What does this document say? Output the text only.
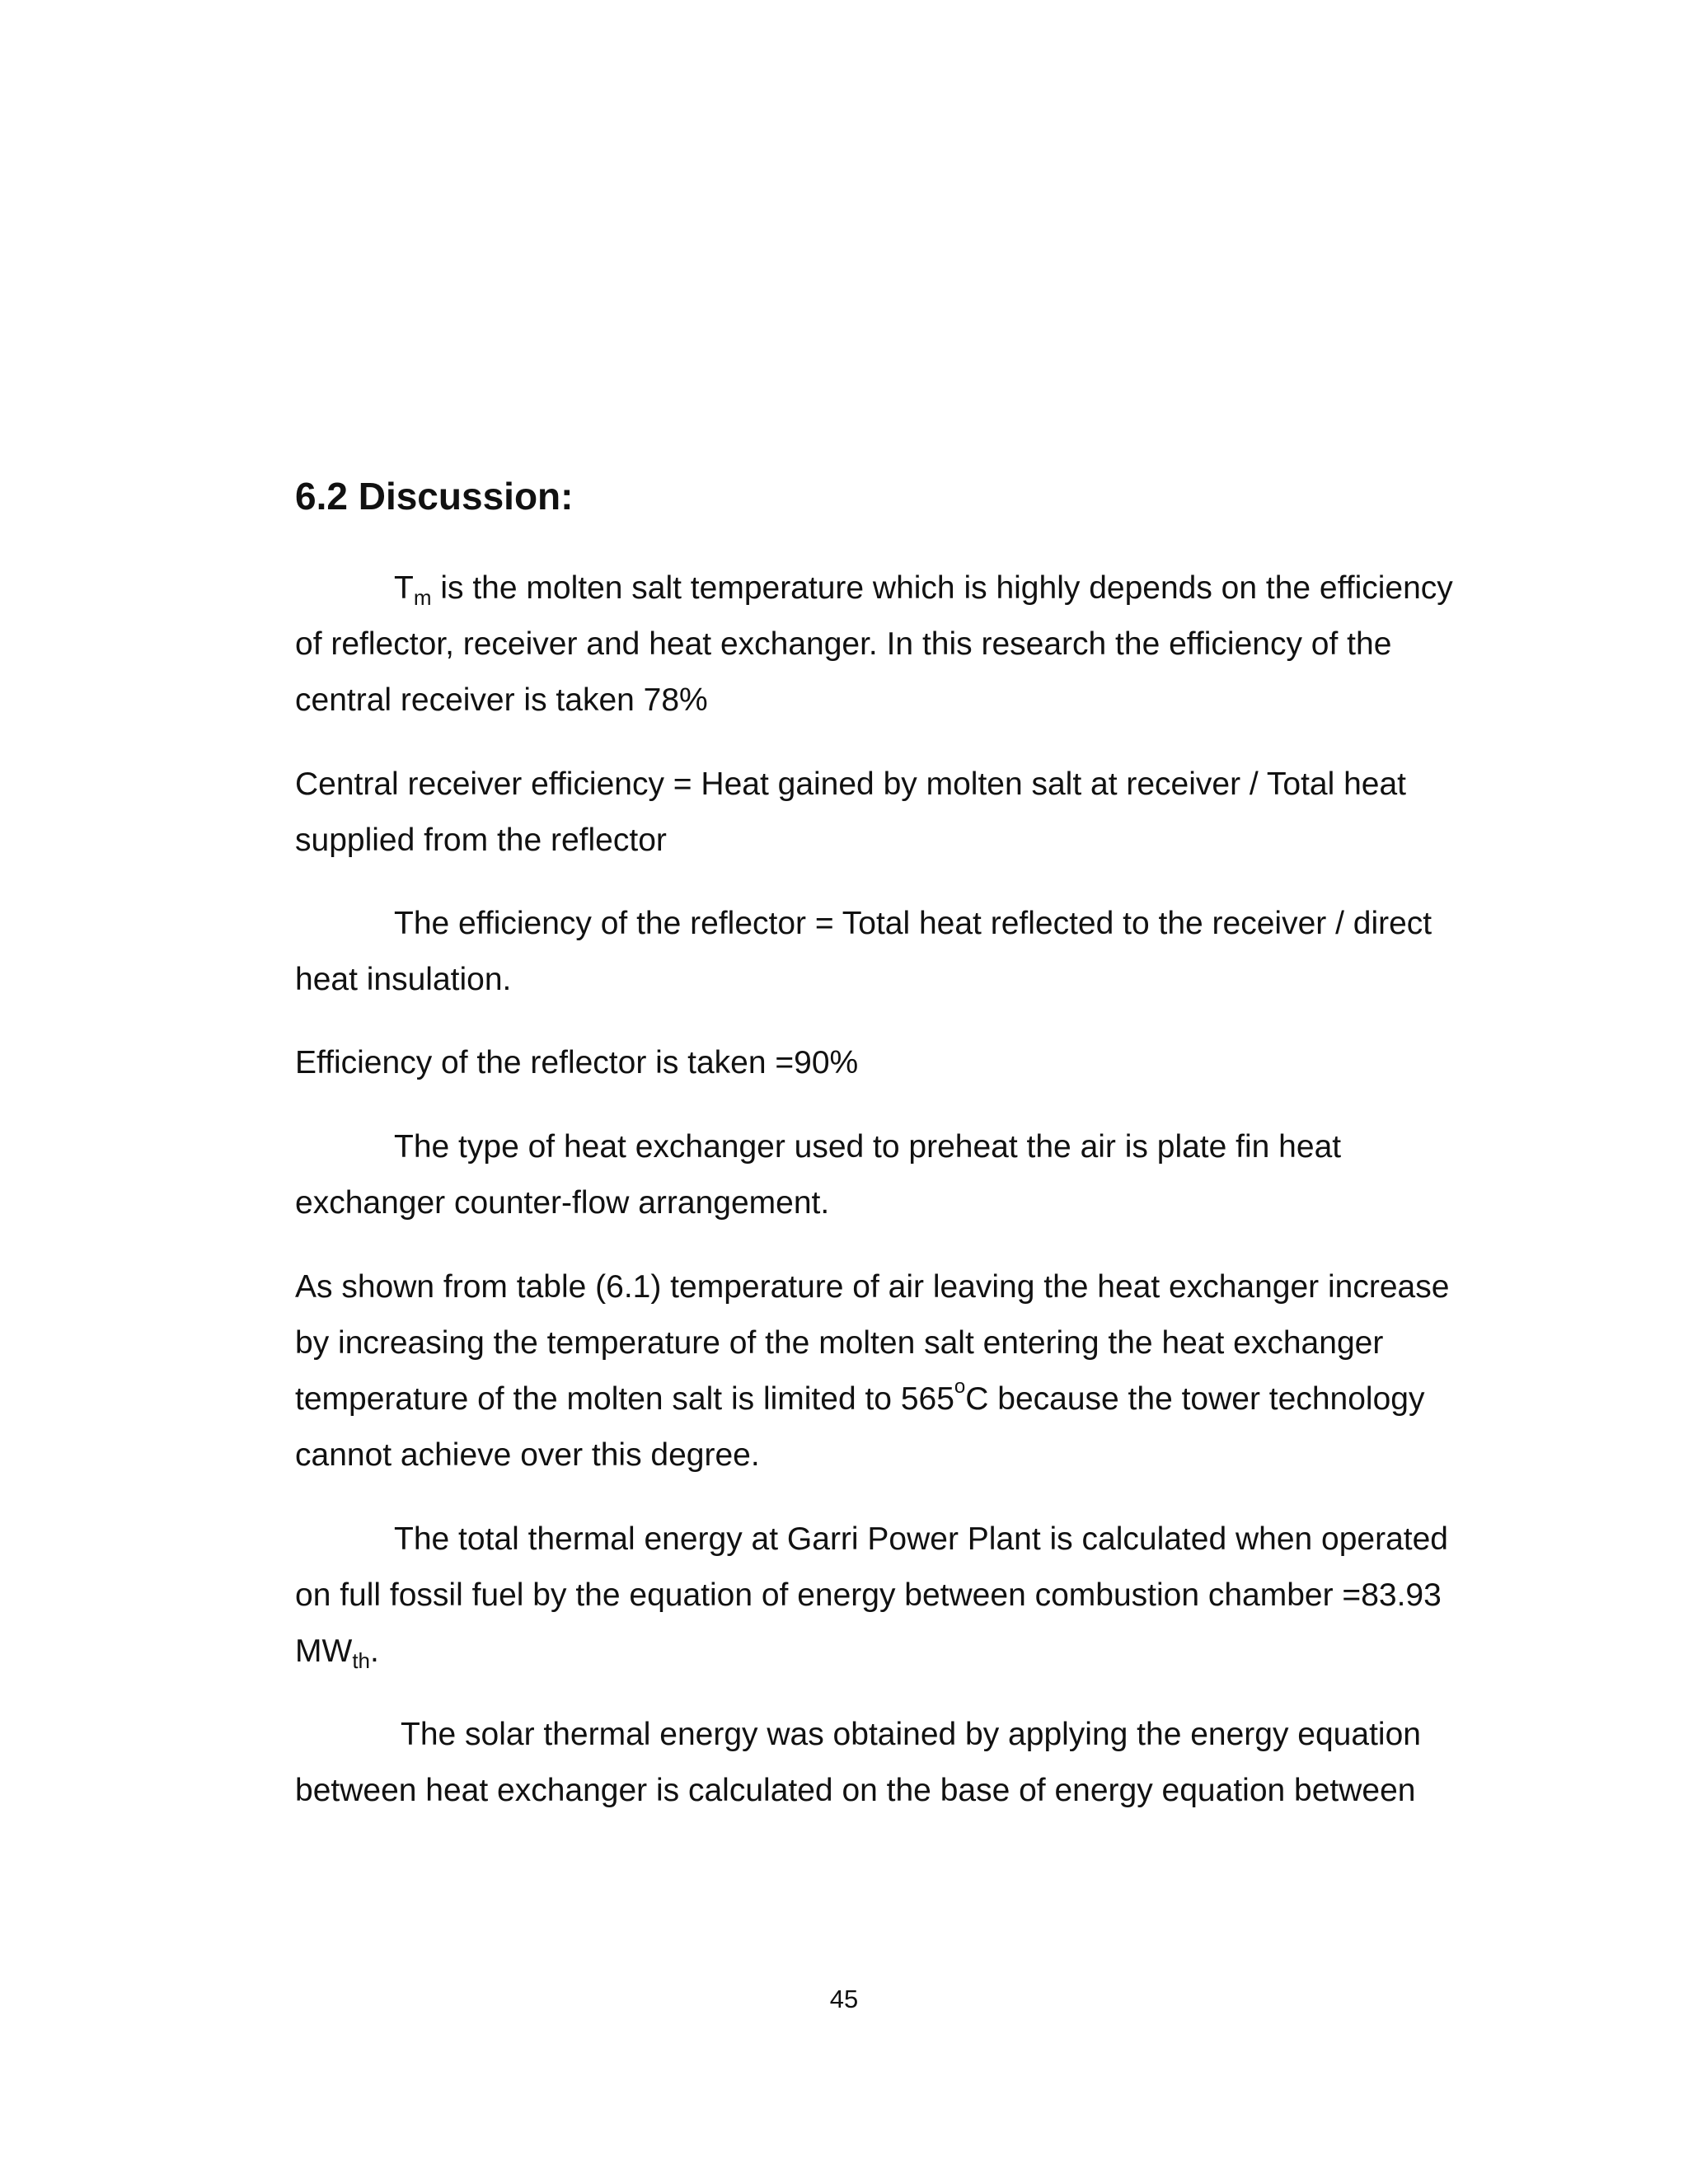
6.2 Discussion:

$T_m$ is the molten salt temperature which is highly depends on the efficiency
of reflector, receiver and heat exchanger. In this research the efficiency of the
central receiver is taken 78%

Central receiver efficiency = Heat gained by molten salt at receiver / Total heat
supplied from the reflector

The efficiency of the reflector = Total heat reflected to the receiver / direct
heat insulation.

Efficiency of the reflector is taken =90%

The type of heat exchanger used to preheat the air is plate fin heat
exchanger counter-flow arrangement.

As shown from table (6.1) temperature of air leaving the heat exchanger increase
by increasing the temperature of the molten salt entering the heat exchanger
temperature of the molten salt is limited to 565$^o$C because the tower technology
cannot achieve over this degree.

The total thermal energy at Garri Power Plant is calculated when operated
on full fossil fuel by the equation of energy between combustion chamber =83.93
$MW_{th}$.

The solar thermal energy was obtained by applying the energy equation
between heat exchanger is calculated on the base of energy equation between

45
